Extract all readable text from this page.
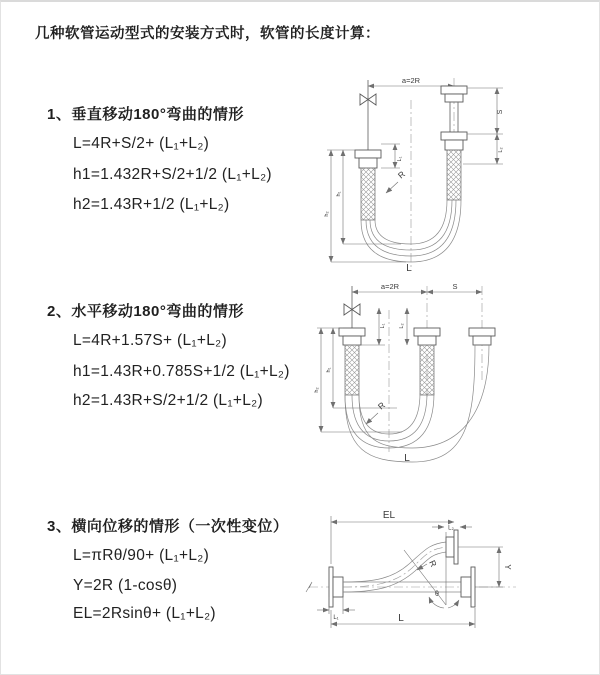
几种软管运动型式的安装方式时，软管的长度计算：
1、垂直移动180°弯曲的情形
L=4R+S/2+ (L₁+L₂)
h1=1.432R+S/2+1/2 (L₁+L₂)
h2=1.43R+1/2 (L₁+L₂)
2、水平移动180°弯曲的情形
L=4R+1.57S+ (L₁+L₂)
h1=1.43R+0.785S+1/2 (L₁+L₂)
h2=1.43R+S/2+1/2 (L₁+L₂)
3、横向位移的情形（一次性变位）
L=πRθ/90+ (L₁+L₂)
Y=2R (1-cosθ)
EL=2Rsinθ+ (L₁+L₂)
a=2R
L₁
S
L₂
h₁
h₂
R
L
a=2R	S
L₁ L₂
h₁
h₂
R
L
EL
L₂
Y
R
θ
L₁	L
